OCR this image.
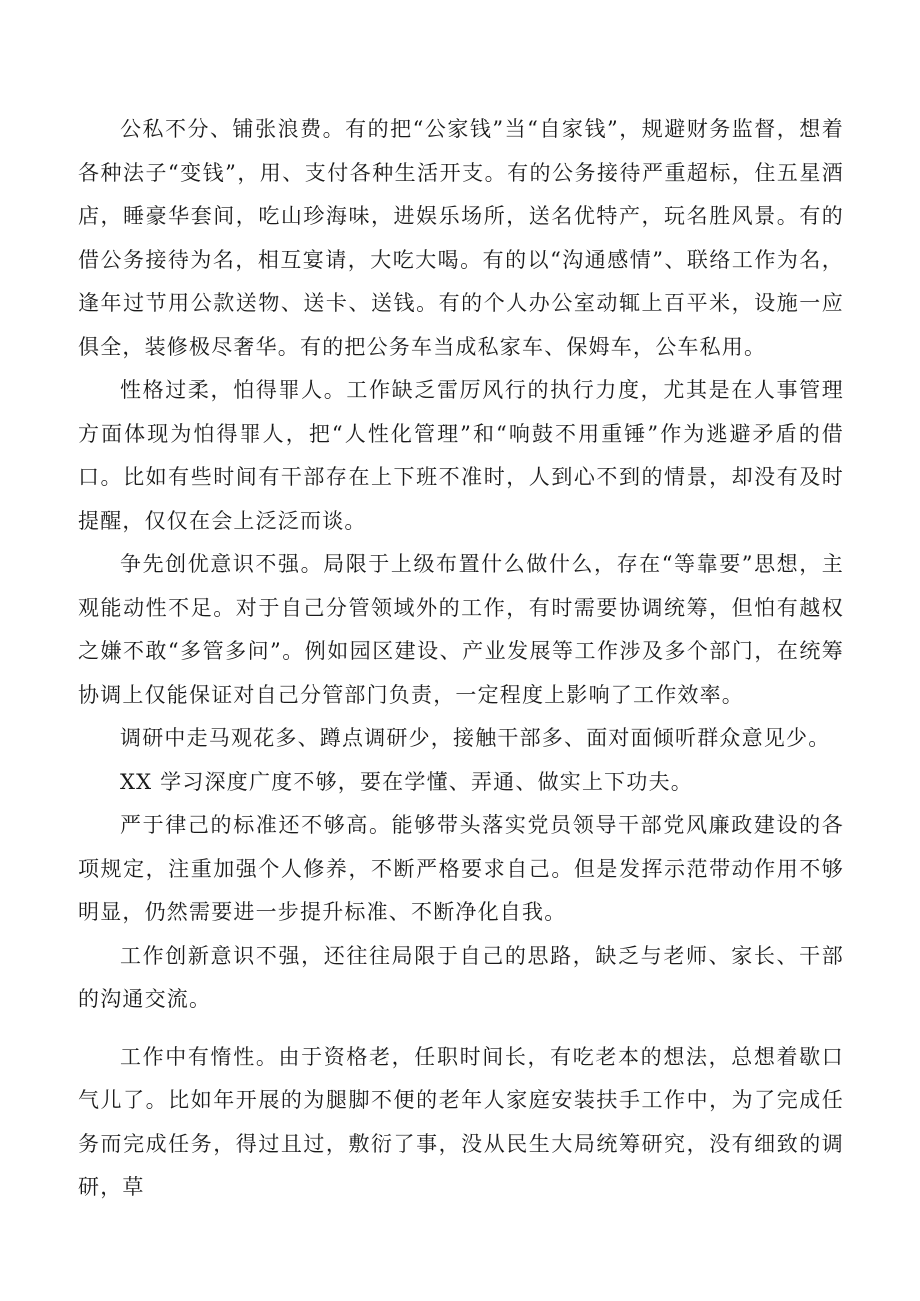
公私不分、铺张浪费。有的把“公家钱”当“自家钱”，规避财务监督，想着各种法子“变钱”，用、支付各种生活开支。有的公务接待严重超标，住五星酒店，睡豪华套间，吃山珍海味，进娱乐场所，送名优特产，玩名胜风景。有的借公务接待为名，相互宴请，大吃大喝。有的以“沟通感情”、联络工作为名，逢年过节用公款送物、送卡、送钱。有的个人办公室动辄上百平米，设施一应俱全，装修极尽奢华。有的把公务车当成私家车、保姆车，公车私用。

性格过柔，怕得罪人。工作缺乏雷厉风行的执行力度，尤其是在人事管理方面体现为怕得罪人，把“人性化管理”和“响鼓不用重锤”作为逃避矛盾的借口。比如有些时间有干部存在上下班不准时，人到心不到的情景，却没有及时提醒，仅仅在会上泛泛而谈。

争先创优意识不强。局限于上级布置什么做什么，存在“等靠要”思想，主观能动性不足。对于自己分管领域外的工作，有时需要协调统筹，但怕有越权之嫌不敢“多管多问”。例如园区建设、产业发展等工作涉及多个部门，在统筹协调上仅能保证对自己分管部门负责，一定程度上影响了工作效率。

调研中走马观花多、蹲点调研少，接触干部多、面对面倾听群众意见少。

XX 学习深度广度不够，要在学懂、弄通、做实上下功夫。

严于律己的标准还不够高。能够带头落实党员领导干部党风廉政建设的各项规定，注重加强个人修养，不断严格要求自己。但是发挥示范带动作用不够明显，仍然需要进一步提升标准、不断净化自我。

工作创新意识不强，还往往局限于自己的思路，缺乏与老师、家长、干部的沟通交流。

工作中有惰性。由于资格老，任职时间长，有吃老本的想法，总想着歇口气儿了。比如年开展的为腿脚不便的老年人家庭安装扶手工作中，为了完成任务而完成任务，得过且过，敷衍了事，没从民生大局统筹研究，没有细致的调研，草
